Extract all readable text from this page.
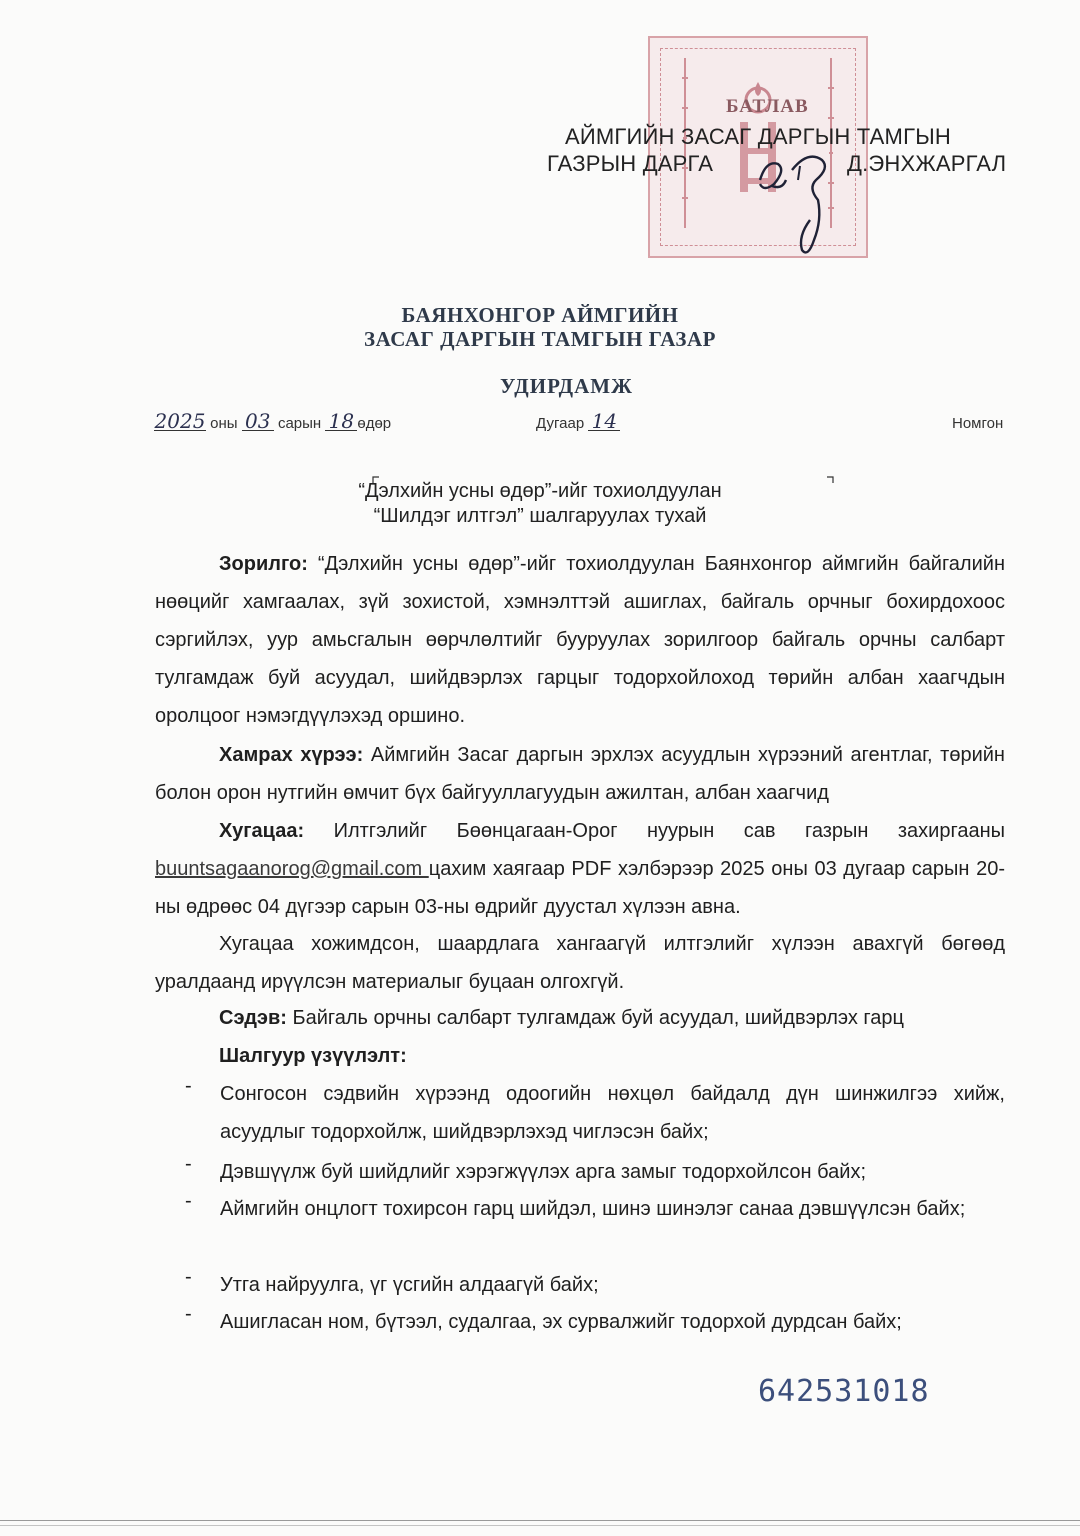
БАТЛАВ
АЙМГИЙН ЗАСАГ ДАРГЫН ТАМГЫН
ГАЗРЫН ДАРГА	Д.ЭНХЖАРГАЛ
БАЯНХОНГОР АЙМГИЙН
ЗАСАГ ДАРГЫН ТАМГЫН ГАЗАР
УДИРДАМЖ
2025 оны 03 сарын 18 өдөр	Дугаар 14	Номгон
“Дэлхийн усны өдөр”-ийг тохиолдуулан
“Шилдэг илтгэл” шалгаруулах тухай
Зорилго: “Дэлхийн усны өдөр”-ийг тохиолдуулан Баянхонгор аймгийн байгалийн нөөцийг хамгаалах, зүй зохистой, хэмнэлттэй ашиглах, байгаль орчныг бохирдохоос сэргийлэх, уур амьсгалын өөрчлөлтийг бууруулах зорилгоор байгаль орчны салбарт тулгамдаж буй асуудал, шийдвэрлэх гарцыг тодорхойлоход төрийн албан хаагчдын оролцоог нэмэгдүүлэхэд оршино.
Хамрах хүрээ: Аймгийн Засаг даргын эрхлэх асуудлын хүрээний агентлаг, төрийн болон орон нутгийн өмчит бүх байгууллагуудын ажилтан, албан хаагчид
Хугацаа: Илтгэлийг Бөөнцагаан-Орог нуурын сав газрын захиргааны buuntsagaanorog@gmail.com цахим хаягаар PDF хэлбэрээр 2025 оны 03 дугаар сарын 20-ны өдрөөс 04 дүгээр сарын 03-ны өдрийг дуустал хүлээн авна.
Хугацаа хожимдсон, шаардлага хангаагүй илтгэлийг хүлээн авахгүй бөгөөд уралдаанд ирүүлсэн материалыг буцаан олгохгүй.
Сэдэв: Байгаль орчны салбарт тулгамдаж буй асуудал, шийдвэрлэх гарц
Шалгуур үзүүлэлт:
- Сонгосон сэдвийн хүрээнд одоогийн нөхцөл байдалд дүн шинжилгээ хийж, асуудлыг тодорхойлж, шийдвэрлэхэд чиглэсэн байх;
- Дэвшүүлж буй шийдлийг хэрэгжүүлэх арга замыг тодорхойлсон байх;
- Аймгийн онцлогт тохирсон гарц шийдэл, шинэ шинэлэг санаа дэвшүүлсэн байх;
- Утга найруулга, үг үсгийн алдаагүй байх;
- Ашигласан ном, бүтээл, судалгаа, эх сурвалжийг тодорхой дурдсан байх;
642531018
